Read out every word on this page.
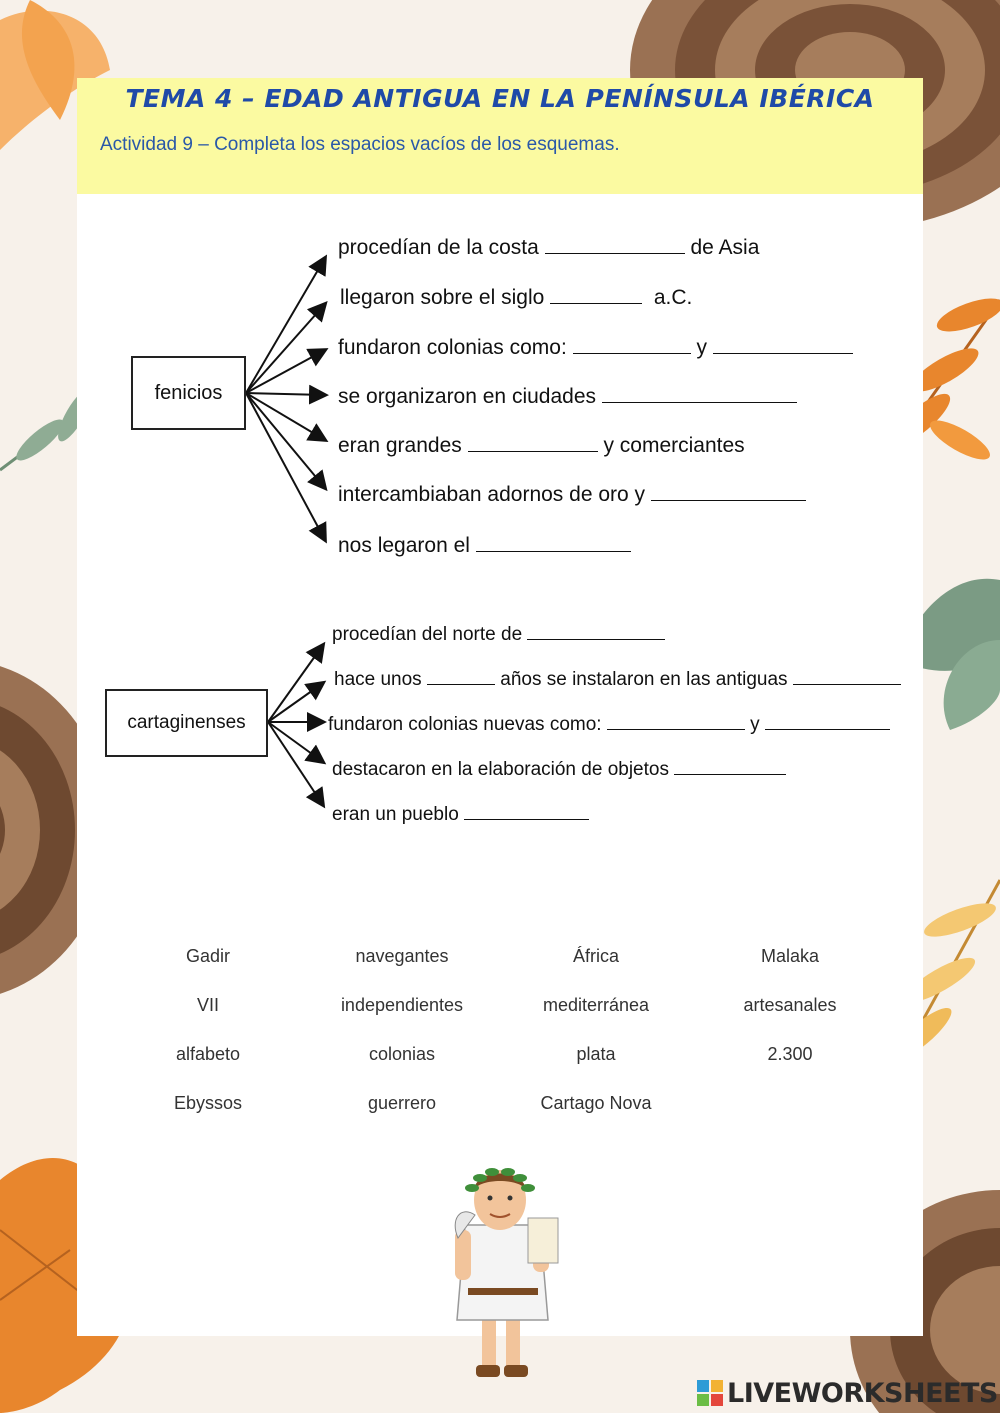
TEMA 4 – EDAD ANTIGUA EN LA PENÍNSULA IBÉRICA

Actividad 9 – Completa los espacios vacíos de los esquemas.

fenicios
procedían de la costa	de Asia
llegaron sobre el siglo	a.C.
fundaron colonias como:	y
se organizaron en ciudades
eran grandes	y comerciantes
intercambiaban adornos de oro y
nos legaron el
cartaginenses
procedían del norte de
hace unos	años se instalaron en las antiguas
fundaron colonias nuevas como:	y
destacaron en la elaboración de objetos
eran un pueblo
Gadir	navegantes	África	Malaka
VII	independientes	mediterránea	artesanales
alfabeto	colonias	plata	2.300
Ebyssos	guerrero	Cartago Nova
LIVEWORKSHEETS
